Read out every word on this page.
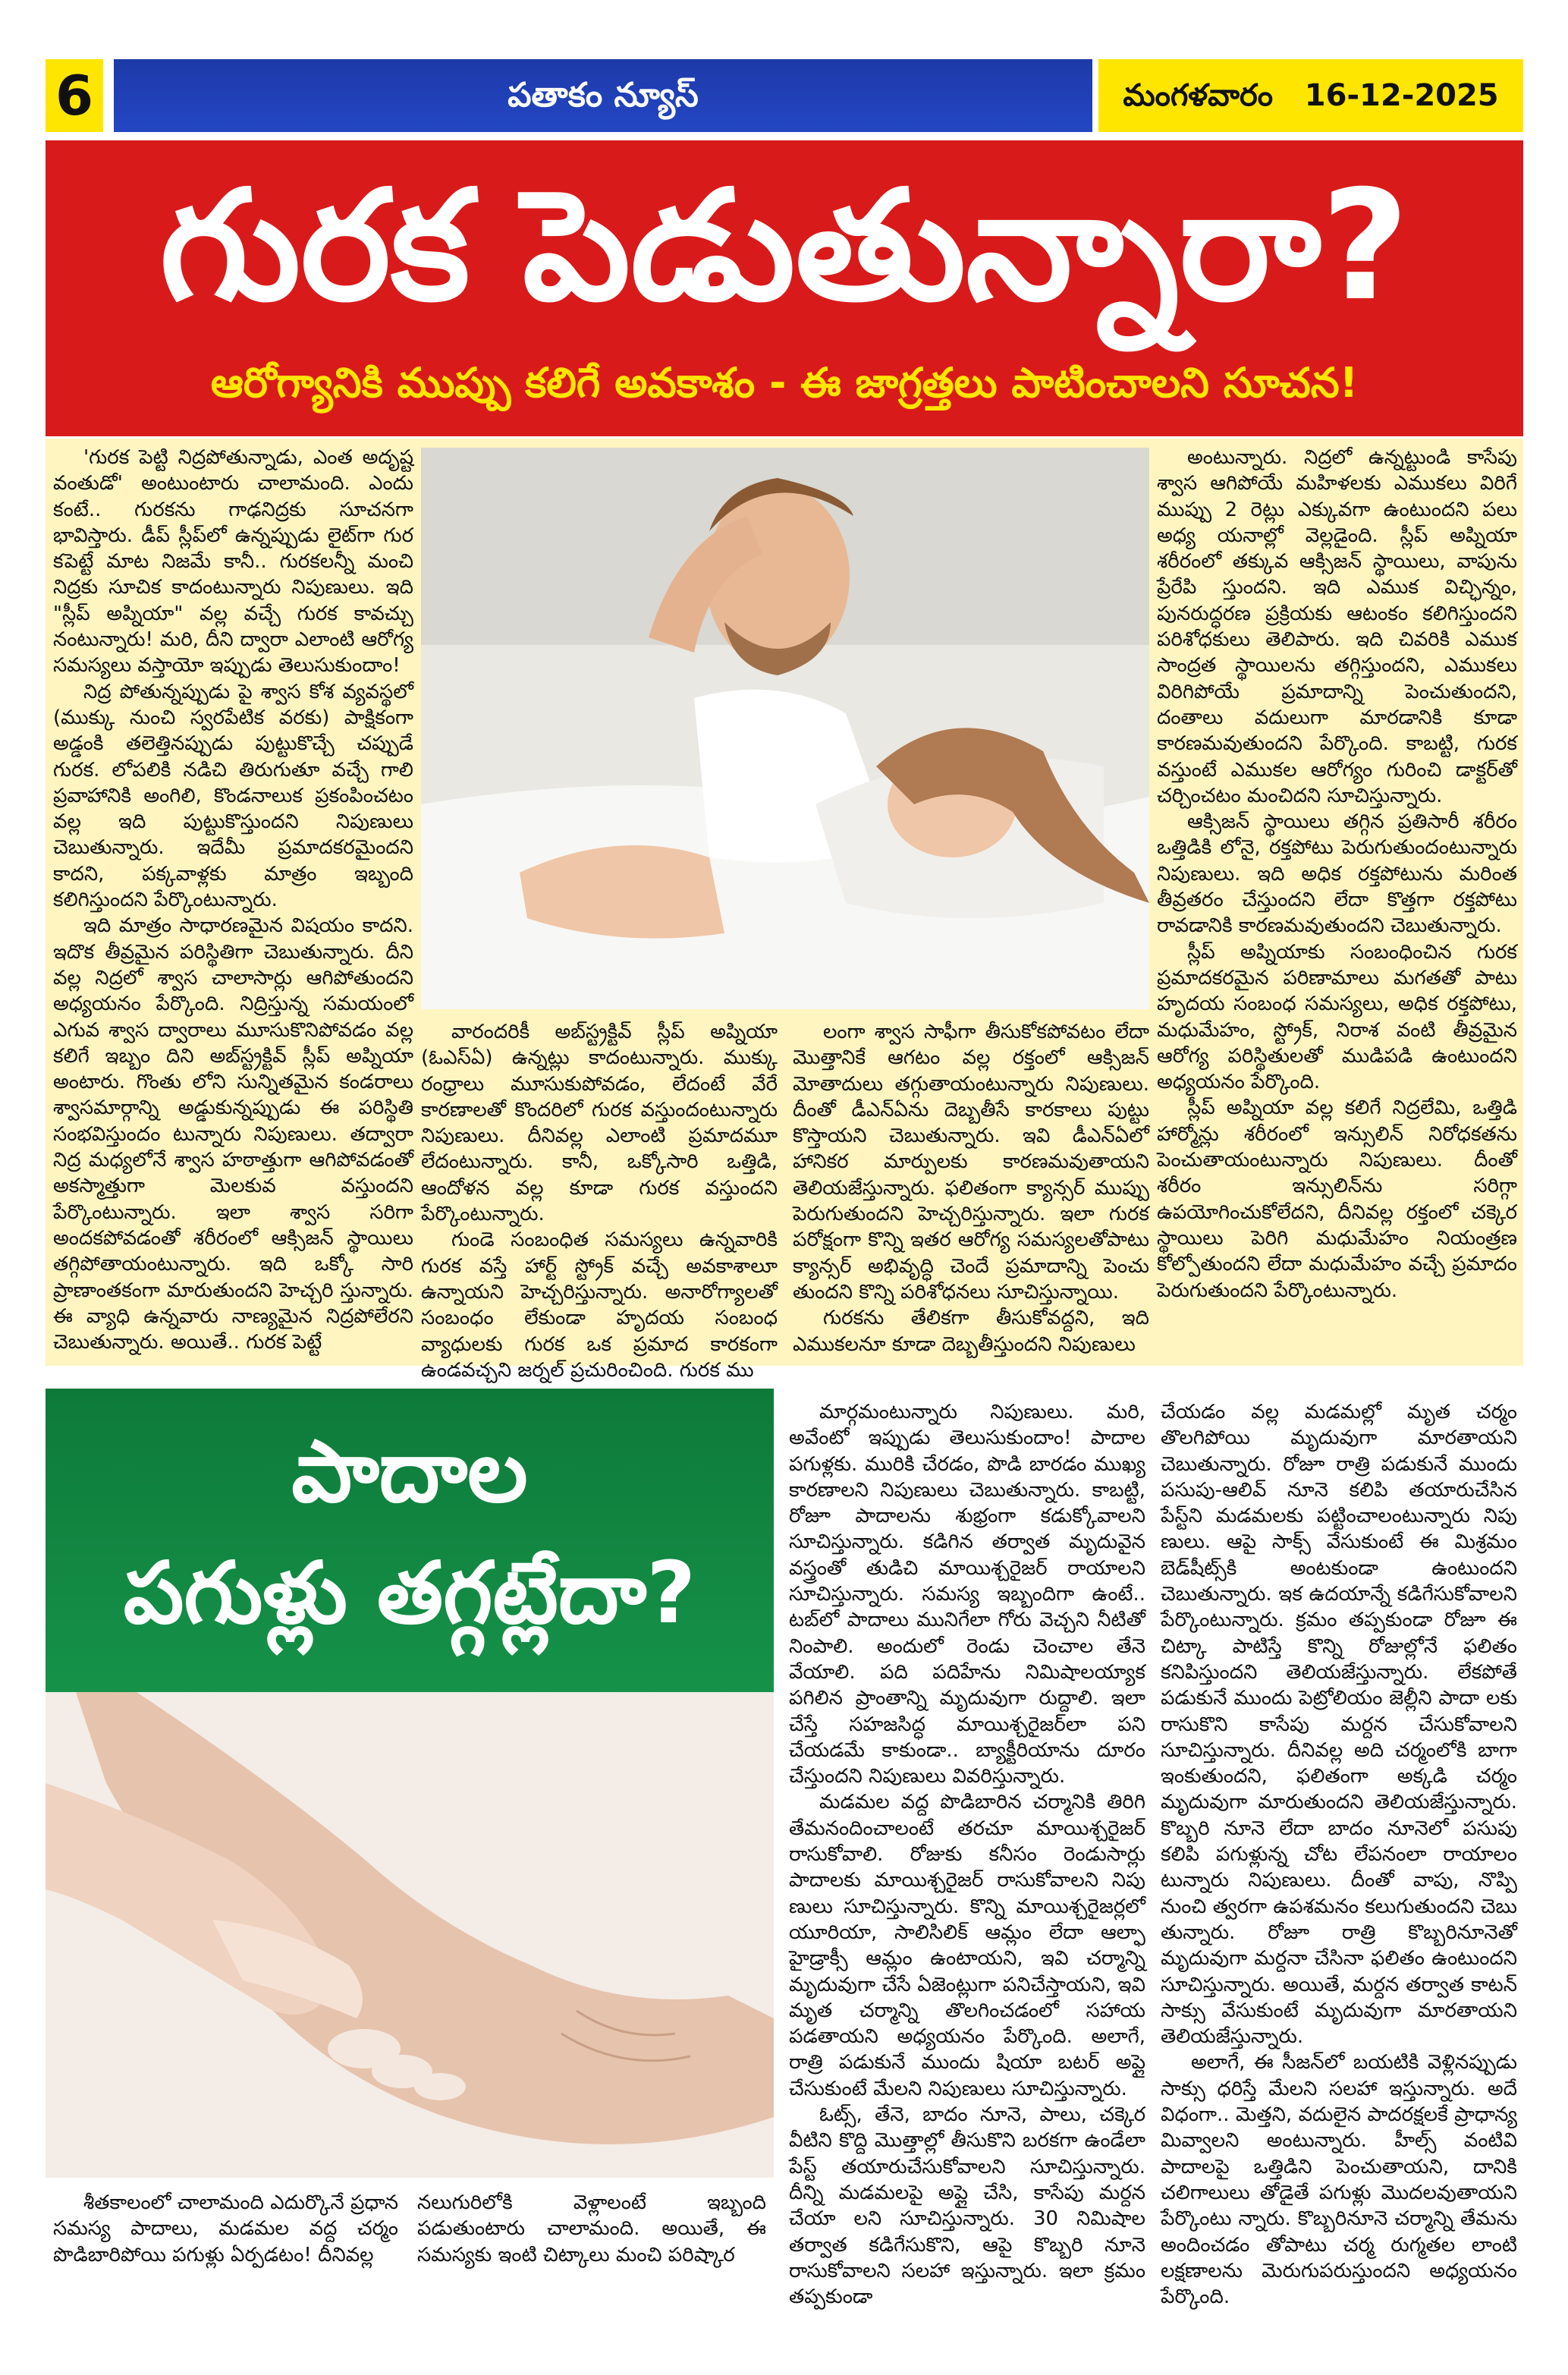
6	పతాకం న్యూస్	మంగళవారం 16-12-2025
గురక పెడుతున్నారా?
ఆరోగ్యానికి ముప్పు కలిగే అవకాశం - ఈ జాగ్రత్తలు పాటించాలని సూచన!

'గురక పెట్టి నిద్రపోతున్నాడు, ఎంత అదృష్ట వంతుడో' అంటుంటారు చాలామంది. ఎందు కంటే.. గురకను గాఢనిద్రకు సూచనగా భావిస్తారు. డీప్ స్లీప్‌లో ఉన్నప్పుడు లైట్‌గా గుర కపెట్టే మాట నిజమే కానీ.. గురకలన్నీ మంచి నిద్రకు సూచిక కాదంటున్నారు నిపుణులు. ఇది "స్లీప్ అప్నియా" వల్ల వచ్చే గురక కావచ్చు నంటున్నారు! మరి, దీని ద్వారా ఎలాంటి ఆరోగ్య సమస్యలు వస్తాయో ఇప్పుడు తెలుసుకుందాం!

నిద్ర పోతున్నప్పుడు పై శ్వాస కోశ వ్యవస్థలో (ముక్కు నుంచి స్వరపేటిక వరకు) పాక్షికంగా అడ్డంకి తలెత్తినప్పుడు పుట్టుకొచ్చే చప్పుడే గురక. లోపలికి నడిచి తిరుగుతూ వచ్చే గాలి ప్రవాహానికి అంగిలి, కొండనాలుక ప్రకంపించటం వల్ల ఇది పుట్టుకొస్తుందని నిపుణులు చెబుతున్నారు. ఇదేమీ ప్రమాదకరమైందని కాదని, పక్కవాళ్లకు మాత్రం ఇబ్బంది కలిగిస్తుందని పేర్కొంటున్నారు.

ఇది మాత్రం సాధారణమైన విషయం కాదని. ఇదొక తీవ్రమైన పరిస్థితిగా చెబుతున్నారు. దీని వల్ల నిద్రలో శ్వాస చాలాసార్లు ఆగిపోతుందని అధ్యయనం పేర్కొంది. నిద్రిస్తున్న సమయంలో ఎగువ శ్వాస ద్వారాలు మూసుకొనిపోవడం వల్ల కలిగే ఇబ్బం దిని అబ్‌స్ట్రక్టివ్ స్లీప్ అప్నియా అంటారు. గొంతు లోని సున్నితమైన కండరాలు శ్వాసమార్గాన్ని అడ్డుకున్నప్పుడు ఈ పరిస్థితి సంభవిస్తుందం టున్నారు నిపుణులు. తద్వారా నిద్ర మధ్యలోనే శ్వాస హఠాత్తుగా ఆగిపోవడంతో అకస్మాత్తుగా మెలకువ వస్తుందని పేర్కొంటున్నారు. ఇలా శ్వాస సరిగా అందకపోవడంతో శరీరంలో ఆక్సిజన్ స్థాయిలు తగ్గిపోతాయంటున్నారు. ఇది ఒక్కో సారి ప్రాణాంతకంగా మారుతుందని హెచ్చరి స్తున్నారు. ఈ వ్యాధి ఉన్నవారు నాణ్యమైన నిద్రపోలేరని చెబుతున్నారు. అయితే.. గురక పెట్టే

వారందరికీ అబ్‌స్ట్రక్టివ్ స్లీప్ అప్నియా (ఓఎస్‌ఏ) ఉన్నట్లు కాదంటున్నారు. ముక్కు రంధ్రాలు మూసుకుపోవడం, లేదంటే వేరే కారణాలతో కొందరిలో గురక వస్తుందంటున్నారు నిపుణులు. దీనివల్ల ఎలాంటి ప్రమాదమూ లేదంటున్నారు. కానీ, ఒక్కోసారి ఒత్తిడి, ఆందోళన వల్ల కూడా గురక వస్తుందని పేర్కొంటున్నారు.

గుండె సంబంధిత సమస్యలు ఉన్నవారికి గురక వస్తే హార్ట్ స్ట్రోక్ వచ్చే అవకాశాలూ ఉన్నాయని హెచ్చరిస్తున్నారు. అనారోగ్యాలతో సంబంధం లేకుండా హృదయ సంబంధ వ్యాధులకు గురక ఒక ప్రమాద కారకంగా ఉండవచ్చని జర్నల్ ప్రచురించింది. గురక ము

లంగా శ్వాస సాఫీగా తీసుకోకపోవటం లేదా మొత్తానికే ఆగటం వల్ల రక్తంలో ఆక్సిజన్ మోతాదులు తగ్గుతాయంటున్నారు నిపుణులు. దీంతో డీఎన్ఏను దెబ్బతీసే కారకాలు పుట్టు కొస్తాయని చెబుతున్నారు. ఇవి డీఎన్ఏలో హానికర మార్పులకు కారణమవుతాయని తెలియజేస్తున్నారు. ఫలితంగా క్యాన్సర్ ముప్పు పెరుగుతుందని హెచ్చరిస్తున్నారు. ఇలా గురక పరోక్షంగా కొన్ని ఇతర ఆరోగ్య సమస్యలతోపాటు క్యాన్సర్ అభివృద్ధి చెందే ప్రమాదాన్ని పెంచు తుందని కొన్ని పరిశోధనలు సూచిస్తున్నాయి.

గురకను తేలికగా తీసుకోవద్దని, ఇది ఎముకలనూ కూడా దెబ్బతీస్తుందని నిపుణులు

అంటున్నారు. నిద్రలో ఉన్నట్టుండి కాసేపు శ్వాస ఆగిపోయే మహిళలకు ఎముకలు విరిగే ముప్పు 2 రెట్లు ఎక్కువగా ఉంటుందని పలు అధ్య యనాల్లో వెల్లడైంది. స్లీప్ అప్నియా శరీరంలో తక్కువ ఆక్సిజన్ స్థాయిలు, వాపును ప్రేరేపి స్తుందని. ఇది ఎముక విచ్ఛిన్నం, పునరుద్ధరణ ప్రక్రియకు ఆటంకం కలిగిస్తుందని పరిశోధకులు తెలిపారు. ఇది చివరికి ఎముక సాంద్రత స్థాయిలను తగ్గిస్తుందని, ఎముకలు విరిగిపోయే ప్రమాదాన్ని పెంచుతుందని, దంతాలు వదులుగా మారడానికి కూడా కారణమవుతుందని పేర్కొంది. కాబట్టి, గురక వస్తుంటే ఎముకల ఆరోగ్యం గురించి డాక్టర్‌తో చర్చించటం మంచిదని సూచిస్తున్నారు.

ఆక్సిజన్ స్థాయిలు తగ్గిన ప్రతిసారీ శరీరం ఒత్తిడికి లోనై, రక్తపోటు పెరుగుతుందంటున్నారు నిపుణులు. ఇది అధిక రక్తపోటును మరింత తీవ్రతరం చేస్తుందని లేదా కొత్తగా రక్తపోటు రావడానికి కారణమవుతుందని చెబుతున్నారు.

స్లీప్ అప్నియాకు సంబంధించిన గురక ప్రమాదకరమైన పరిణామాలు మగతతో పాటు హృదయ సంబంధ సమస్యలు, అధిక రక్తపోటు, మధుమేహం, స్ట్రోక్, నిరాశ వంటి తీవ్రమైన ఆరోగ్య పరిస్థితులతో ముడిపడి ఉంటుందని అధ్యయనం పేర్కొంది.

స్లీప్ అప్నియా వల్ల కలిగే నిద్రలేమి, ఒత్తిడి హార్మోన్లు శరీరంలో ఇన్సులిన్ నిరోధకతను పెంచుతాయంటున్నారు నిపుణులు. దీంతో శరీరం ఇన్సులిన్‌ను సరిగ్గా ఉపయోగించుకోలేదని, దీనివల్ల రక్తంలో చక్కెర స్థాయిలు పెరిగి మధుమేహం నియంత్రణ కోల్పోతుందని లేదా మధుమేహం వచ్చే ప్రమాదం పెరుగుతుందని పేర్కొంటున్నారు.

పాదాల
పగుళ్లు తగ్గట్లేదా?

శీతకాలంలో చాలామంది ఎదుర్కొనే ప్రధాన సమస్య పాదాలు, మడమల వద్ద చర్మం పొడిబారిపోయి పగుళ్లు ఏర్పడటం! దీనివల్ల

నలుగురిలోకి వెళ్లాలంటే ఇబ్బంది పడుతుంటారు చాలామంది. అయితే, ఈ సమస్యకు ఇంటి చిట్కాలు మంచి పరిష్కార

మార్గమంటున్నారు నిపుణులు. మరి, అవేంటో ఇప్పుడు తెలుసుకుందాం! పాదాల పగుళ్లకు. మురికి చేరడం, పొడి బారడం ముఖ్య కారణాలని నిపుణులు చెబుతున్నారు. కాబట్టి, రోజూ పాదాలను శుభ్రంగా కడుక్కోవాలని సూచిస్తున్నారు. కడిగిన తర్వాత మృదువైన వస్త్రంతో తుడిచి మాయిశ్చరైజర్ రాయాలని సూచిస్తున్నారు. సమస్య ఇబ్బందిగా ఉంటే.. టబ్‌లో పాదాలు మునిగేలా గోరు వెచ్చని నీటితో నింపాలి. అందులో రెండు చెంచాల తేనె వేయాలి. పది పదిహేను నిమిషాలయ్యాక పగిలిన ప్రాంతాన్ని మృదువుగా రుద్దాలి. ఇలా చేస్తే సహజసిద్ధ మాయిశ్చరైజర్‌లా పని చేయడమే కాకుండా.. బ్యాక్టీరియాను దూరం చేస్తుందని నిపుణులు వివరిస్తున్నారు.

మడమల వద్ద పొడిబారిన చర్మానికి తిరిగి తేమనందించాలంటే తరచూ మాయిశ్చరైజర్ రాసుకోవాలి. రోజుకు కనీసం రెండుసార్లు పాదాలకు మాయిశ్చరైజర్ రాసుకోవాలని నిపు ణులు సూచిస్తున్నారు. కొన్ని మాయిశ్చరైజర్లలో యూరియా, సాలిసిలిక్ ఆమ్లం లేదా ఆల్ఫా హైడ్రాక్సీ ఆమ్లం ఉంటాయని, ఇవి చర్మాన్ని మృదువుగా చేసే ఏజెంట్లుగా పనిచేస్తాయని, ఇవి మృత చర్మాన్ని తొలగించడంలో సహాయ పడతాయని అధ్యయనం పేర్కొంది. అలాగే, రాత్రి పడుకునే ముందు షియా బటర్ అప్లై చేసుకుంటే మేలని నిపుణులు సూచిస్తున్నారు.

ఓట్స్, తేనె, బాదం నూనె, పాలు, చక్కెర వీటిని కొద్ది మొత్తాల్లో తీసుకొని బరకగా ఉండేలా పేస్ట్ తయారుచేసుకోవాలని సూచిస్తున్నారు. దీన్ని మడమలపై అప్లై చేసి, కాసేపు మర్దన చేయా లని సూచిస్తున్నారు. 30 నిమిషాల తర్వాత కడిగేసుకొని, ఆపై కొబ్బరి నూనె రాసుకోవాలని సలహా ఇస్తున్నారు. ఇలా క్రమం తప్పకుండా

చేయడం వల్ల మడమల్లో మృత చర్మం తొలగిపోయి మృదువుగా మారతాయని చెబుతున్నారు. రోజూ రాత్రి పడుకునే ముందు పసుపు-ఆలివ్ నూనె కలిపి తయారుచేసిన పేస్ట్‌ని మడమలకు పట్టించాలంటున్నారు నిపు ణులు. ఆపై సాక్స్ వేసుకుంటే ఈ మిశ్రమం బెడ్‌షీట్స్‌కి అంటకుండా ఉంటుందని చెబుతున్నారు. ఇక ఉదయాన్నే కడిగేసుకోవాలని పేర్కొంటున్నారు. క్రమం తప్పకుండా రోజూ ఈ చిట్కా పాటిస్తే కొన్ని రోజుల్లోనే ఫలితం కనిపిస్తుందని తెలియజేస్తున్నారు. లేకపోతే పడుకునే ముందు పెట్రోలియం జెల్లీని పాదా లకు రాసుకొని కాసేపు మర్దన చేసుకోవాలని సూచిస్తున్నారు. దీనివల్ల అది చర్మంలోకి బాగా ఇంకుతుందని, ఫలితంగా అక్కడి చర్మం మృదువుగా మారుతుందని తెలియజేస్తున్నారు. కొబ్బరి నూనె లేదా బాదం నూనెలో పసుపు కలిపి పగుళ్లున్న చోట లేపనంలా రాయాలం టున్నారు నిపుణులు. దీంతో వాపు, నొప్పి నుంచి త్వరగా ఉపశమనం కలుగుతుందని చెబు తున్నారు. రోజూ రాత్రి కొబ్బరినూనెతో మృదువుగా మర్దనా చేసినా ఫలితం ఉంటుందని సూచిస్తున్నారు. అయితే, మర్దన తర్వాత కాటన్ సాక్సు వేసుకుంటే మృదువుగా మారతాయని తెలియజేస్తున్నారు.

అలాగే, ఈ సీజన్‌లో బయటికి వెళ్లినప్పుడు సాక్సు ధరిస్తే మేలని సలహా ఇస్తున్నారు. అదే విధంగా.. మెత్తని, వదులైన పాదరక్షలకే ప్రాధాన్య మివ్వాలని అంటున్నారు. హీల్స్ వంటివి పాదాలపై ఒత్తిడిని పెంచుతాయని, దానికి చలిగాలులు తోడైతే పగుళ్లు మొదలవుతాయని పేర్కొంటు న్నారు. కొబ్బరినూనె చర్మాన్ని తేమను అందించడం తోపాటు చర్మ రుగ్మతల లాంటి లక్షణాలను మెరుగుపరుస్తుందని అధ్యయనం పేర్కొంది.
